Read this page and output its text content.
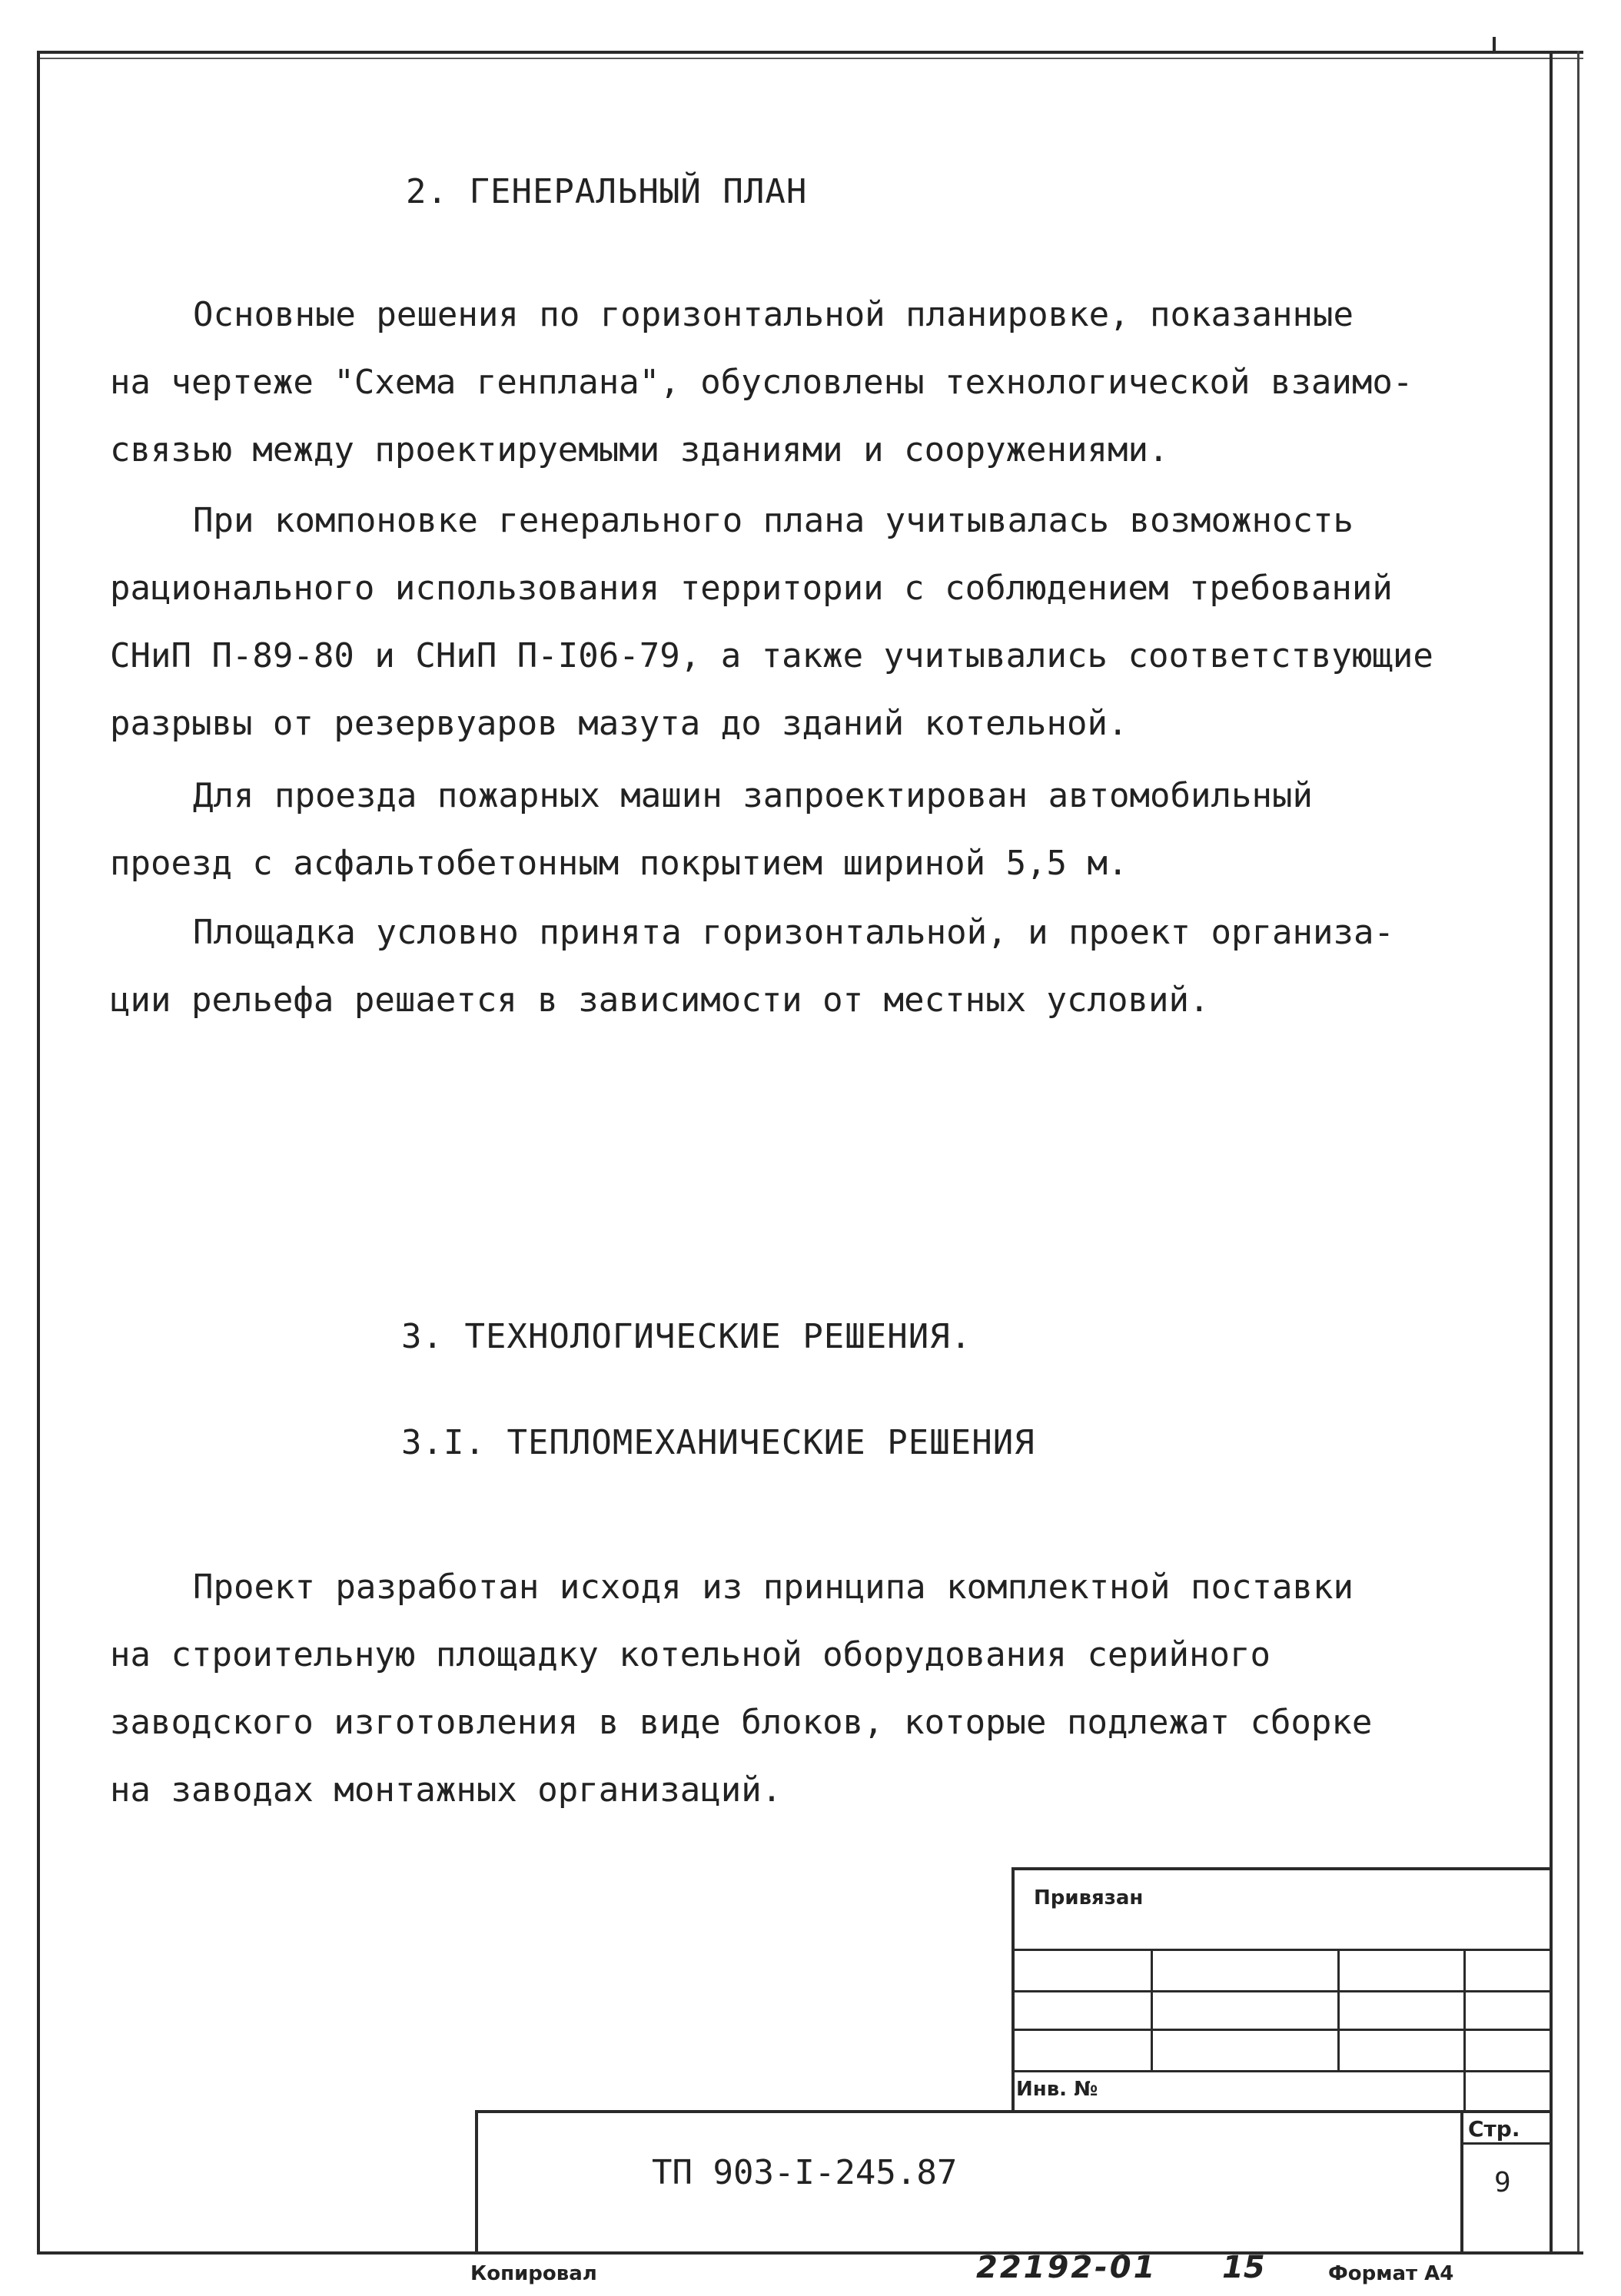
2. ГЕНЕРАЛЬНЫЙ ПЛАН

Основные решения по горизонтальной планировке, показанные
на чертеже "Схема генплана", обусловлены технологической взаимо-
связью между проектируемыми зданиями и сооружениями.

При компоновке генерального плана учитывалась возможность
рационального использования территории с соблюдением требований
СНиП П-89-80 и СНиП П-I06-79, а также учитывались соответствующие
разрывы от резервуаров мазута до зданий котельной.

Для проезда пожарных машин запроектирован автомобильный
проезд с асфальтобетонным покрытием шириной 5,5 м.

Площадка условно принята горизонтальной, и проект организа-
ции рельефа решается в зависимости от местных условий.

3. ТЕХНОЛОГИЧЕСКИЕ РЕШЕНИЯ.
3.I. ТЕПЛОМЕХАНИЧЕСКИЕ РЕШЕНИЯ

Проект разработан исходя из принципа комплектной поставки
на строительную площадку котельной оборудования серийного
заводского изготовления в виде блоков, которые подлежат сборке
на заводах монтажных организаций.

Привязан
Инв. №
ТП 903-I-245.87
Стр.
9
Копировал	22192-01 15	Формат А4
